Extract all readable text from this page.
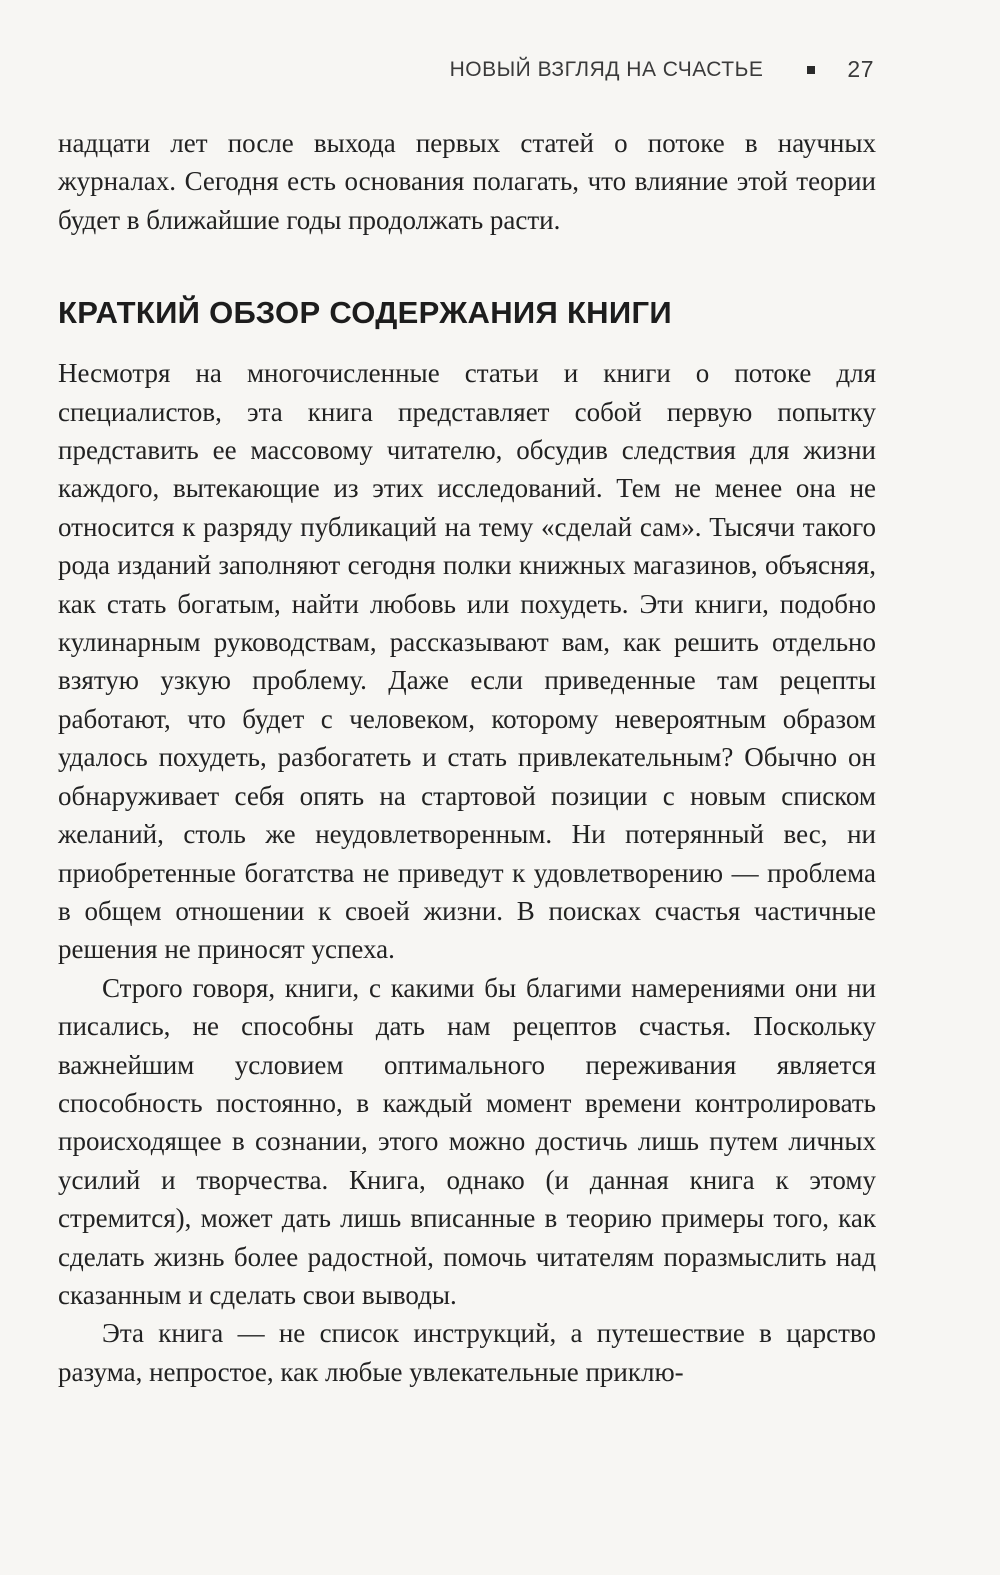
НОВЫЙ ВЗГЛЯД НА СЧАСТЬЕ	27

надцати лет после выхода первых статей о потоке в научных журналах. Сегодня есть основания полагать, что влияние этой теории будет в ближайшие годы продолжать расти.

КРАТКИЙ ОБЗОР СОДЕРЖАНИЯ КНИГИ

Несмотря на многочисленные статьи и книги о потоке для специалистов, эта книга представляет собой первую попытку представить ее массовому читателю, обсудив следствия для жизни каждого, вытекающие из этих исследований. Тем не менее она не относится к разряду публикаций на тему «сделай сам». Тысячи такого рода изданий заполняют сегодня полки книжных магазинов, объясняя, как стать богатым, найти любовь или похудеть. Эти книги, подобно кулинарным руководствам, рассказывают вам, как решить отдельно взятую узкую проблему. Даже если приведенные там рецепты работают, что будет с человеком, которому невероятным образом удалось похудеть, разбогатеть и стать привлекательным? Обычно он обнаруживает себя опять на стартовой позиции с новым списком желаний, столь же неудовлетворенным. Ни потерянный вес, ни приобретенные богатства не приведут к удовлетворению — проблема в общем отношении к своей жизни. В поисках счастья частичные решения не приносят успеха.

Строго говоря, книги, с какими бы благими намерениями они ни писались, не способны дать нам рецептов счастья. Поскольку важнейшим условием оптимального переживания является способность постоянно, в каждый момент времени контролировать происходящее в сознании, этого можно достичь лишь путем личных усилий и творчества. Книга, однако (и данная книга к этому стремится), может дать лишь вписанные в теорию примеры того, как сделать жизнь более радостной, помочь читателям поразмыслить над сказанным и сделать свои выводы.

Эта книга — не список инструкций, а путешествие в царство разума, непростое, как любые увлекательные приклю-
